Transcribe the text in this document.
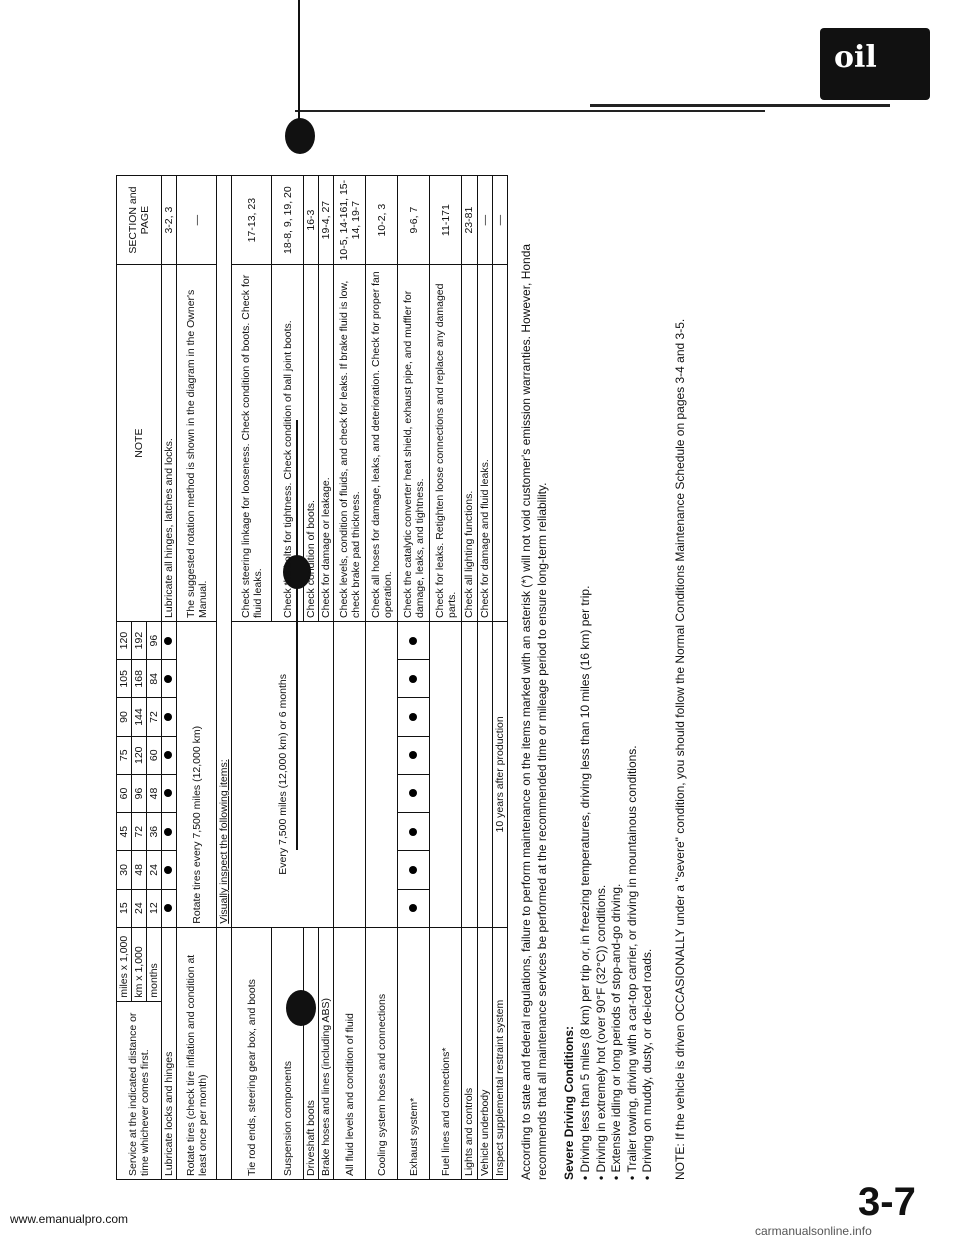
oil
Service at the indicated distance or time whichever comes first.	miles x 1,000	15	30	45	60	75	90	105	120	NOTE	SECTION and PAGE
	km x 1,000	24	48	72	96	120	144	168	192		
	months	12	24	36	48	60	72	84	96		
Lubricate locks and hinges										Lubricate all hinges, latches and locks.	3-2, 3
Rotate tires (check tire inflation and condition at least once per month)		Rotate tires every 7,500 miles (12,000 km)								The suggested rotation method is shown in the diagram in the Owner's Manual.	—
		Visually inspect the following items:									
Tie rod ends, steering gear box, and boots		Every 7,500 miles (12,000 km) or 6 months								Check steering linkage for looseness. Check condition of boots. Check for fluid leaks.	17-13, 23
Suspension components										Check the bolts for tightness. Check condition of ball joint boots.	18-8, 9, 19, 20
Driveshaft boots										Check condition of boots.	16-3
Brake hoses and lines (including ABS)										Check for damage or leakage.	19-4, 27
All fluid levels and condition of fluid										Check levels, condition of fluids, and check for leaks. If brake fluid is low, check brake pad thickness.	10-5, 14-161, 15-14, 19-7
Cooling system hoses and connections										Check all hoses for damage, leaks, and deterioration. Check for proper fan operation.	10-2, 3
Exhaust system*										Check the catalytic converter heat shield, exhaust pipe, and muffler for damage, leaks, and tightness.	9-6, 7
Fuel lines and connections*										Check for leaks. Retighten loose connections and replace any damaged parts.	11-171
Lights and controls										Check all lighting functions.	23-81
Vehicle underbody										Check for damage and fluid leaks.	—
Inspect supplemental restraint system		10 years after production									—
According to state and federal regulations, failure to perform maintenance on the items marked with an asterisk (*) will not void customer's emission warranties. However, Honda recommends that all maintenance services be performed at the recommended time or mileage period to ensure long-term reliability. Severe Driving Conditions: • Driving less than 5 miles (8 km) per trip or, in freezing temperatures, driving less than 10 miles (16 km) per trip. • Driving in extremely hot (over 90°F (32°C)) conditions. • Extensive idling or long periods of stop-and-go driving. • Trailer towing, driving with a car-top carrier, or driving in mountainous conditions. • Driving on muddy, dusty, or de-iced roads. NOTE: If the vehicle is driven OCCASIONALLY under a "severe" condition, you should follow the Normal Conditions Maintenance Schedule on pages 3-4 and 3-5.
3-7
www.emanualpro.com
carmanualsonline.info
